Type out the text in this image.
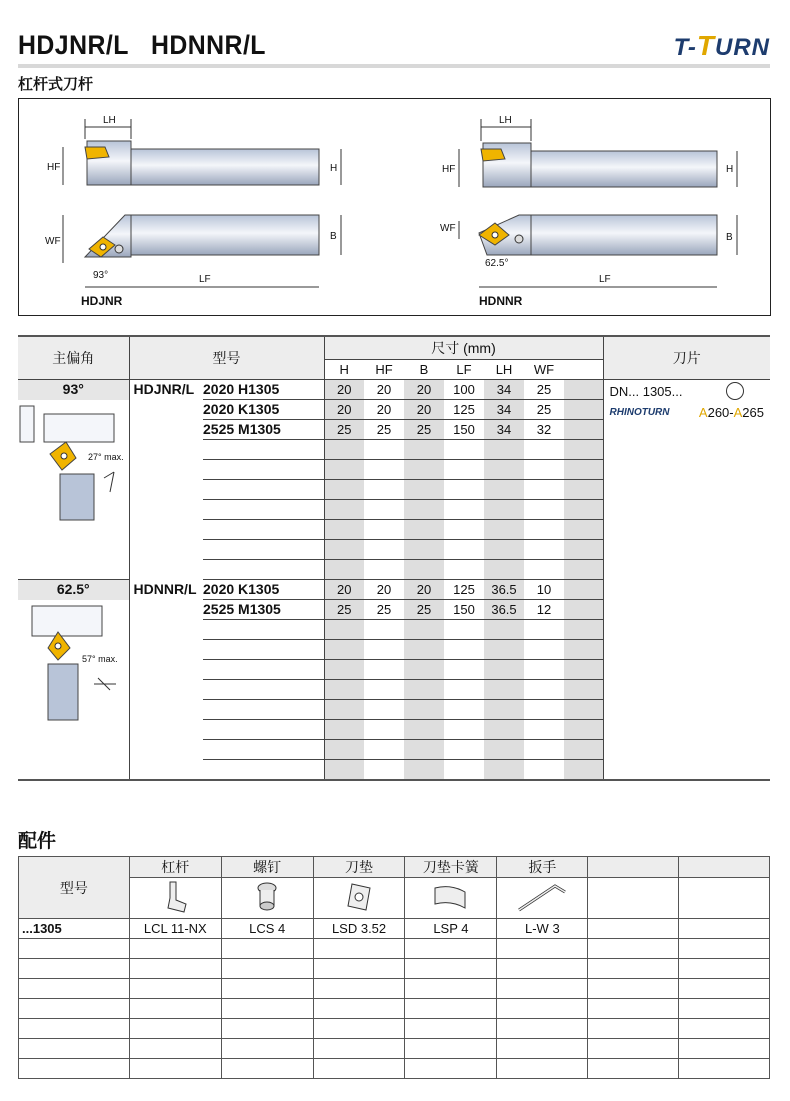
HDJNR/L   HDNNR/L	T-TURN
杠杆式刀杆
LH
HF	H
WF	B
LF
93°
HDJNR
LH
HF	H
WF
B
LF
62.5°
HDNNR
主偏角	型号		尺寸 (mm)							刀片
			H	HF	B	LF	LH	WF		
93°	HDJNR/L	2020 H1305	20	20	20	100	34	25		DN... 1305...
RHINOTURN A260-A265

27° max.		2020 K1305	20	20	20	125	34	25		
		2525 M1305	25	25	25	150	34	32		

62.5°	HDNNR/L	2020 K1305	20	20	20	125	36.5	10		

57° max.		2525 M1305	25	25	25	150	36.5	12		

配件
型号	杠杆	螺钉	刀垫	刀垫卡簧	扳手		

...1305	LCL 11-NX	LCS 4	LSD 3.52	LSP 4	L-W 3		
